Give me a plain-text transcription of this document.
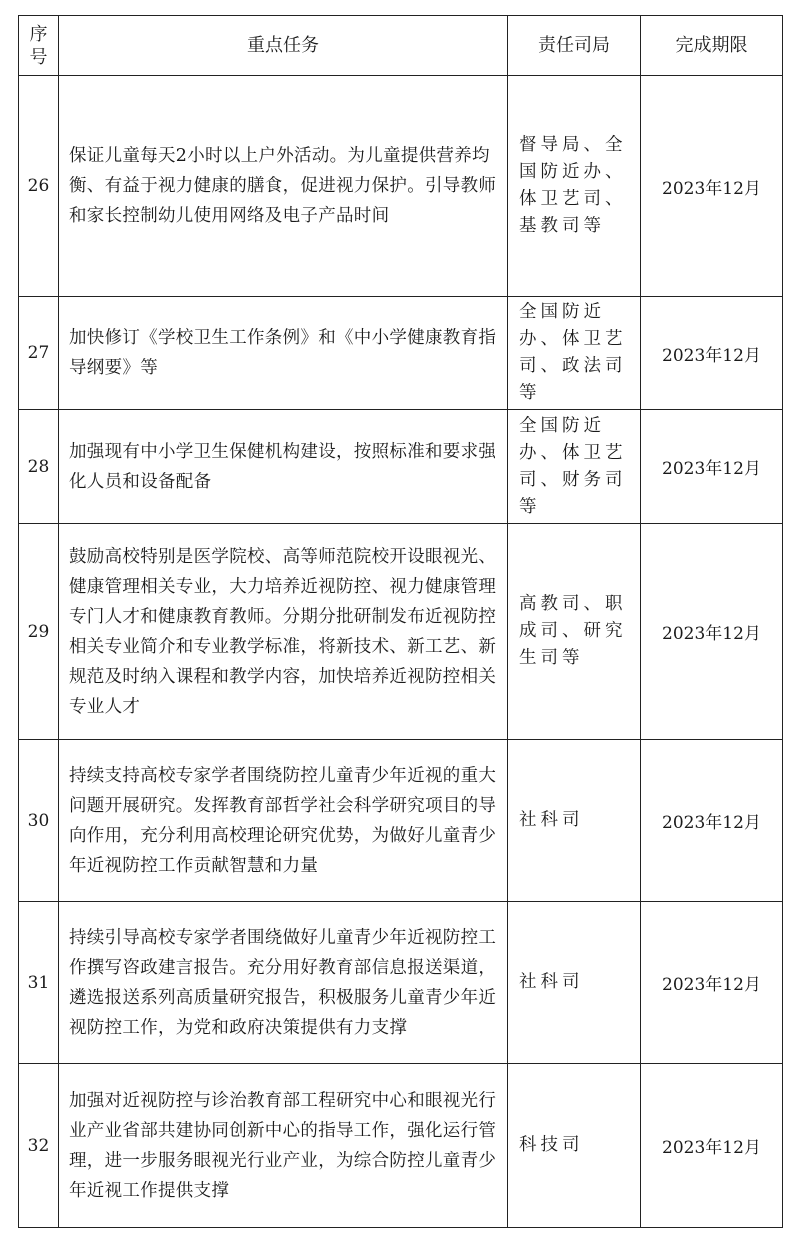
序
号	重点任务	责任司局	完成期限
26	保证儿童每天2小时以上户外活动。为儿童提供营养均衡、有益于视力健康的膳食，促进视力保护。引导教师和家长控制幼儿使用网络及电子产品时间	督导局、全国防近办、体卫艺司、基教司等	2023年12月
27	加快修订《学校卫生工作条例》和《中小学健康教育指导纲要》等	全国防近办、体卫艺司、政法司等	2023年12月
28	加强现有中小学卫生保健机构建设，按照标准和要求强化人员和设备配备	全国防近办、体卫艺司、财务司等	2023年12月
29	鼓励高校特别是医学院校、高等师范院校开设眼视光、健康管理相关专业，大力培养近视防控、视力健康管理专门人才和健康教育教师。分期分批研制发布近视防控相关专业简介和专业教学标准，将新技术、新工艺、新规范及时纳入课程和教学内容，加快培养近视防控相关专业人才	高教司、职成司、研究生司等	2023年12月
30	持续支持高校专家学者围绕防控儿童青少年近视的重大问题开展研究。发挥教育部哲学社会科学研究项目的导向作用，充分利用高校理论研究优势，为做好儿童青少年近视防控工作贡献智慧和力量	社科司	2023年12月
31	持续引导高校专家学者围绕做好儿童青少年近视防控工作撰写咨政建言报告。充分用好教育部信息报送渠道，遴选报送系列高质量研究报告，积极服务儿童青少年近视防控工作，为党和政府决策提供有力支撑	社科司	2023年12月
32	加强对近视防控与诊治教育部工程研究中心和眼视光行业产业省部共建协同创新中心的指导工作，强化运行管理，进一步服务眼视光行业产业，为综合防控儿童青少年近视工作提供支撑	科技司	2023年12月
